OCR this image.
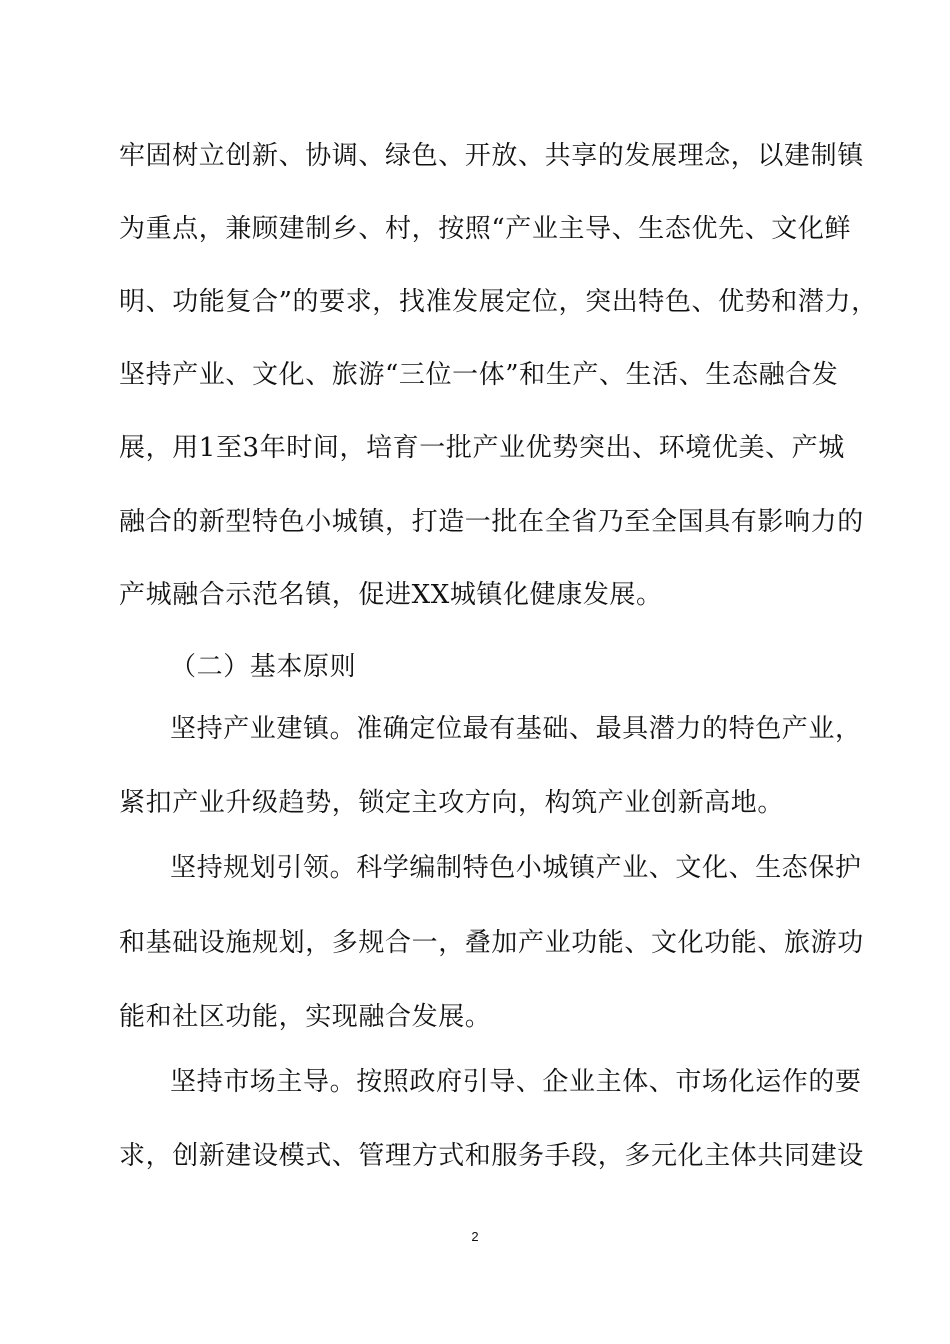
牢固树立创新、协调、绿色、开放、共享的发展理念，以建制镇
为重点，兼顾建制乡、村，按照“产业主导、生态优先、文化鲜
明、功能复合”的要求，找准发展定位，突出特色、优势和潜力，
坚持产业、文化、旅游“三位一体”和生产、生活、生态融合发
展，用1至3年时间，培育一批产业优势突出、环境优美、产城
融合的新型特色小城镇，打造一批在全省乃至全国具有影响力的
产城融合示范名镇，促进XX城镇化健康发展。
（二）基本原则
坚持产业建镇。准确定位最有基础、最具潜力的特色产业，
紧扣产业升级趋势，锁定主攻方向，构筑产业创新高地。
坚持规划引领。科学编制特色小城镇产业、文化、生态保护
和基础设施规划，多规合一，叠加产业功能、文化功能、旅游功
能和社区功能，实现融合发展。
坚持市场主导。按照政府引导、企业主体、市场化运作的要
求，创新建设模式、管理方式和服务手段，多元化主体共同建设
2
